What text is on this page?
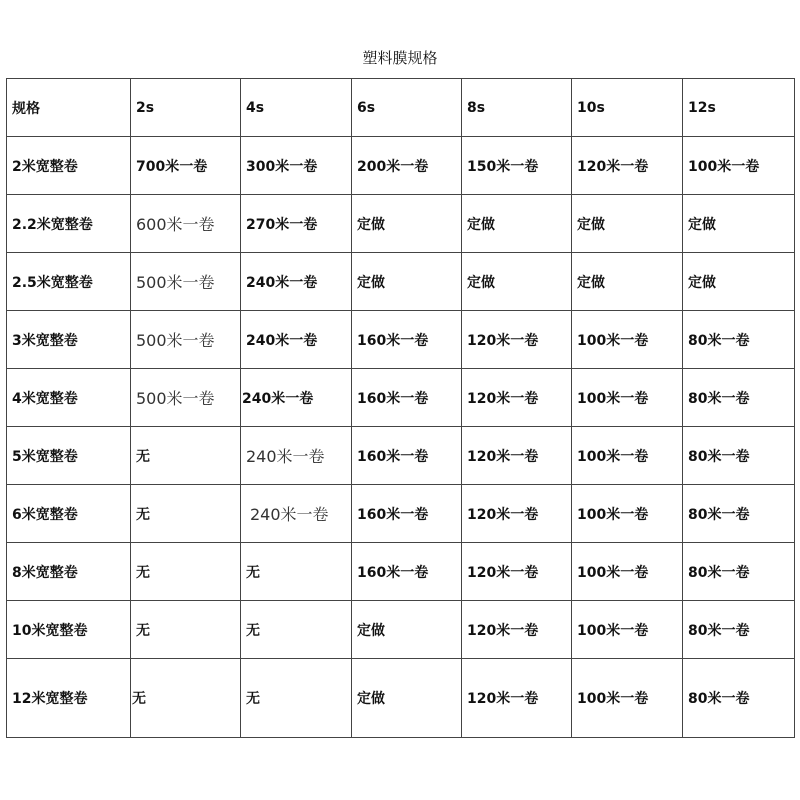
塑料膜规格
规格	2s	4s	6s	8s	10s	12s
2米宽整卷	700米一卷	300米一卷	200米一卷	150米一卷	120米一卷	100米一卷
2.2米宽整卷	600米一卷	270米一卷	定做	定做	定做	定做
2.5米宽整卷	500米一卷	240米一卷	定做	定做	定做	定做
3米宽整卷	500米一卷	240米一卷	160米一卷	120米一卷	100米一卷	80米一卷
4米宽整卷	500米一卷	240米一卷	160米一卷	120米一卷	100米一卷	80米一卷
5米宽整卷	无	240米一卷	160米一卷	120米一卷	100米一卷	80米一卷
6米宽整卷	无	240米一卷	160米一卷	120米一卷	100米一卷	80米一卷
8米宽整卷	无	无	160米一卷	120米一卷	100米一卷	80米一卷
10米宽整卷	无	无	定做	120米一卷	100米一卷	80米一卷
12米宽整卷	无	无	定做	120米一卷	100米一卷	80米一卷
